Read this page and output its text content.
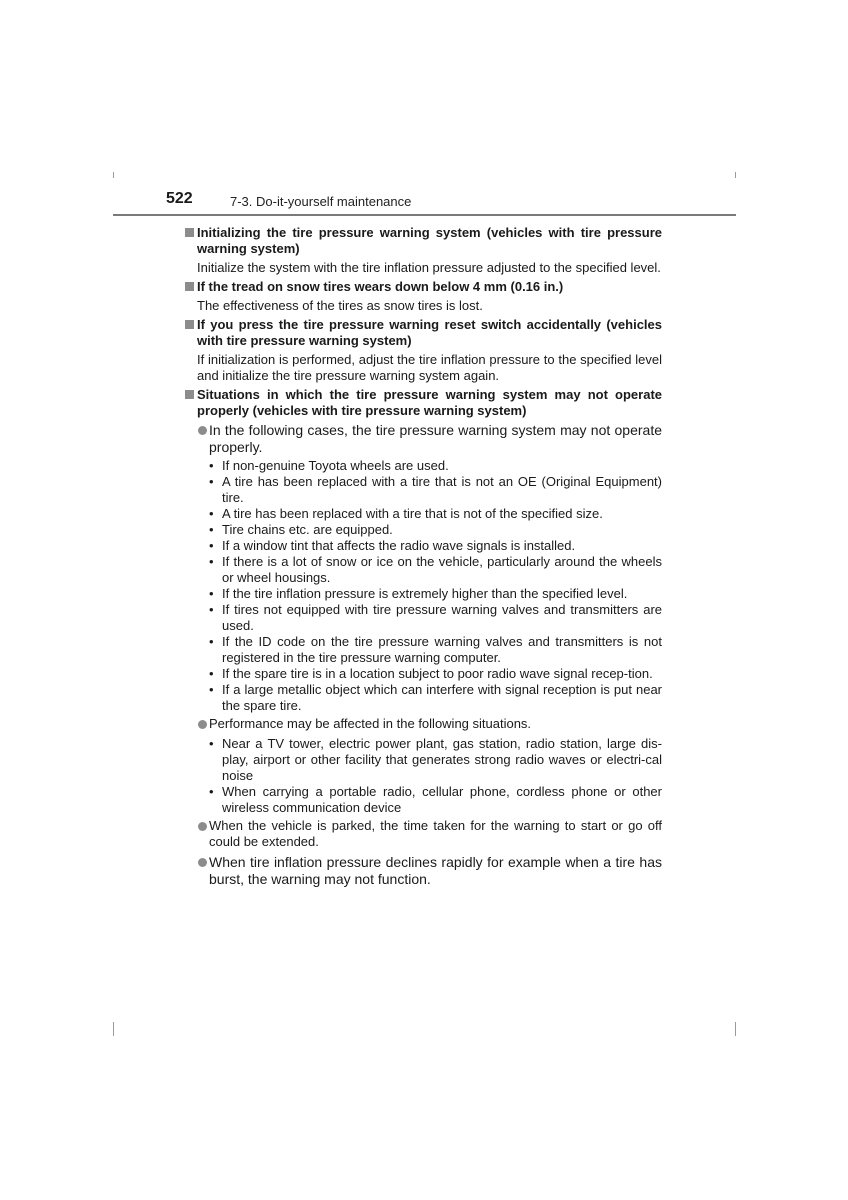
522	7-3. Do-it-yourself maintenance
Initializing the tire pressure warning system (vehicles with tire pressure warning system)
Initialize the system with the tire inflation pressure adjusted to the specified level.
If the tread on snow tires wears down below 4 mm (0.16 in.)
The effectiveness of the tires as snow tires is lost.
If you press the tire pressure warning reset switch accidentally (vehicles with tire pressure warning system)
If initialization is performed, adjust the tire inflation pressure to the specified level and initialize the tire pressure warning system again.
Situations in which the tire pressure warning system may not operate properly (vehicles with tire pressure warning system)
In the following cases, the tire pressure warning system may not operate properly.
• If non-genuine Toyota wheels are used.
• A tire has been replaced with a tire that is not an OE (Original Equipment) tire.
• A tire has been replaced with a tire that is not of the specified size.
• Tire chains etc. are equipped.
• If a window tint that affects the radio wave signals is installed.
• If there is a lot of snow or ice on the vehicle, particularly around the wheels or wheel housings.
• If the tire inflation pressure is extremely higher than the specified level.
• If tires not equipped with tire pressure warning valves and transmitters are used.
• If the ID code on the tire pressure warning valves and transmitters is not registered in the tire pressure warning computer.
• If the spare tire is in a location subject to poor radio wave signal recep-tion.
• If a large metallic object which can interfere with signal reception is put near the spare tire.
Performance may be affected in the following situations.
• Near a TV tower, electric power plant, gas station, radio station, large dis-play, airport or other facility that generates strong radio waves or electri-cal noise
• When carrying a portable radio, cellular phone, cordless phone or other wireless communication device
When the vehicle is parked, the time taken for the warning to start or go off could be extended.
When tire inflation pressure declines rapidly for example when a tire has burst, the warning may not function.
